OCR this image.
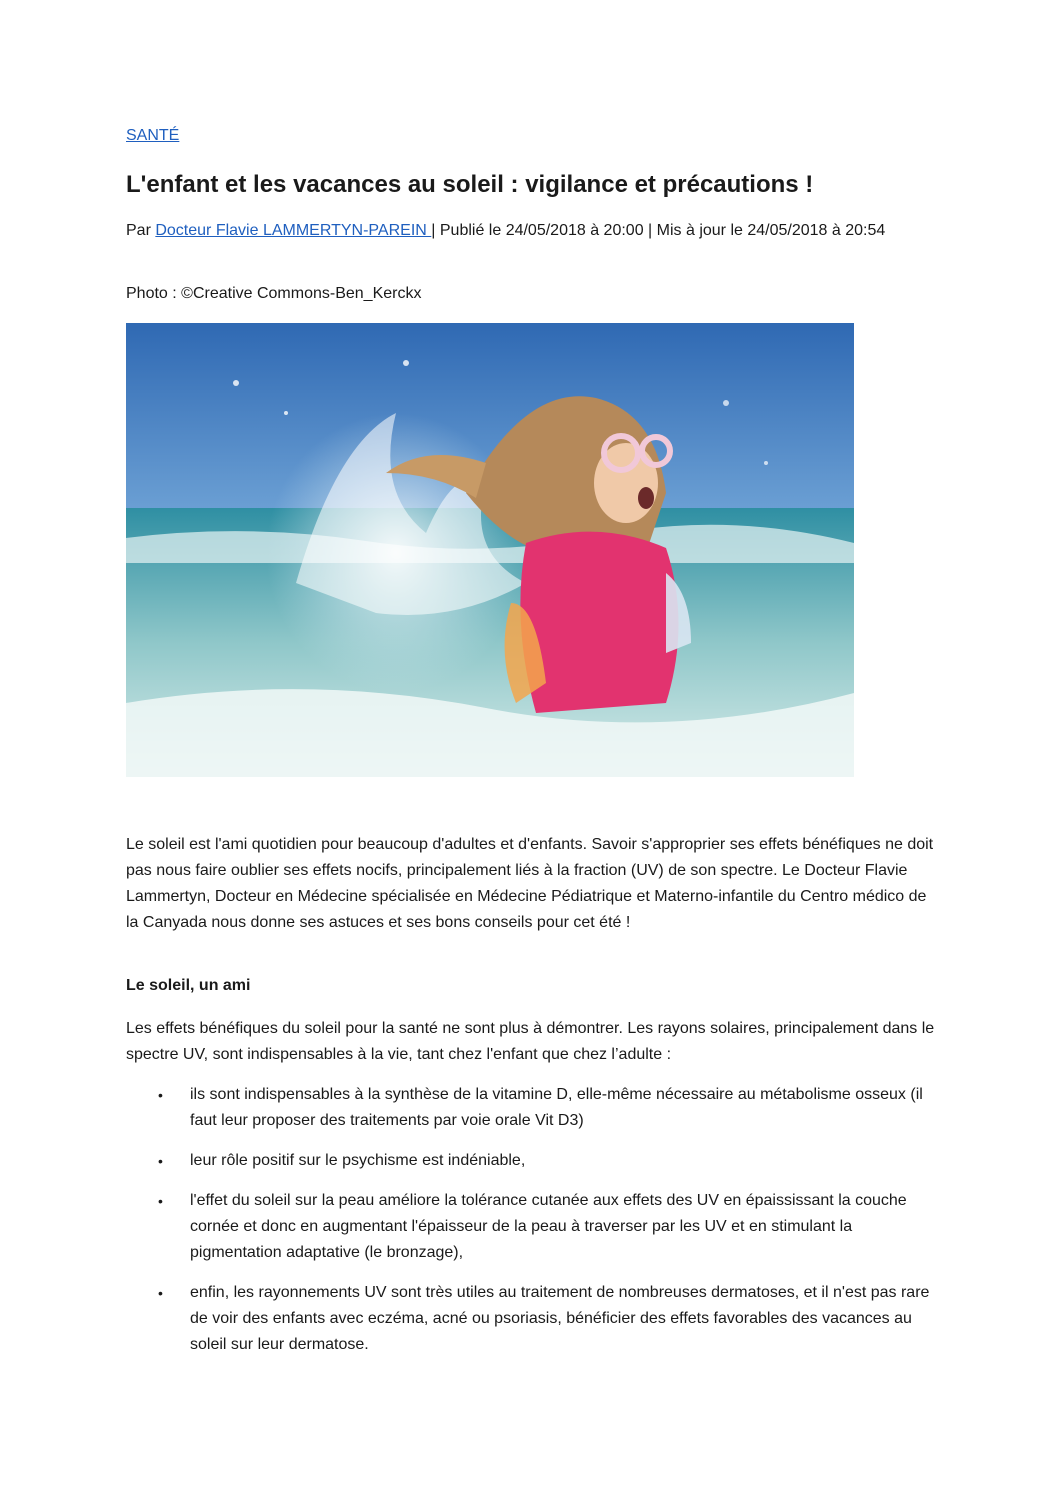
SANTÉ
L'enfant et les vacances au soleil : vigilance et précautions !
Par Docteur Flavie LAMMERTYN-PAREIN | Publié le 24/05/2018 à 20:00 | Mis à jour le 24/05/2018 à 20:54
Photo : ©Creative Commons-Ben_Kerckx

Le soleil est l'ami quotidien pour beaucoup d'adultes et d'enfants. Savoir s'approprier ses effets bénéfiques ne doit pas nous faire oublier ses effets nocifs, principalement liés à la fraction (UV) de son spectre. Le Docteur Flavie Lammertyn, Docteur en Médecine spécialisée en Médecine Pédiatrique et Materno-infantile du Centro médico de la Canyada nous donne ses astuces et ses bons conseils pour cet été !

Le soleil, un ami

Les effets bénéfiques du soleil pour la santé ne sont plus à démontrer. Les rayons solaires, principalement dans le spectre UV, sont indispensables à la vie, tant chez l'enfant que chez l’adulte :

• ils sont indispensables à la synthèse de la vitamine D, elle-même nécessaire au métabolisme osseux (il faut leur proposer des traitements par voie orale Vit D3)
• leur rôle positif sur le psychisme est indéniable,
• l'effet du soleil sur la peau améliore la tolérance cutanée aux effets des UV en épaississant la couche cornée et donc en augmentant l'épaisseur de la peau à traverser par les UV et en stimulant la pigmentation adaptative (le bronzage),
• enfin, les rayonnements UV sont très utiles au traitement de nombreuses dermatoses, et il n'est pas rare de voir des enfants avec eczéma, acné ou psoriasis, bénéficier des effets favorables des vacances au soleil sur leur dermatose.
